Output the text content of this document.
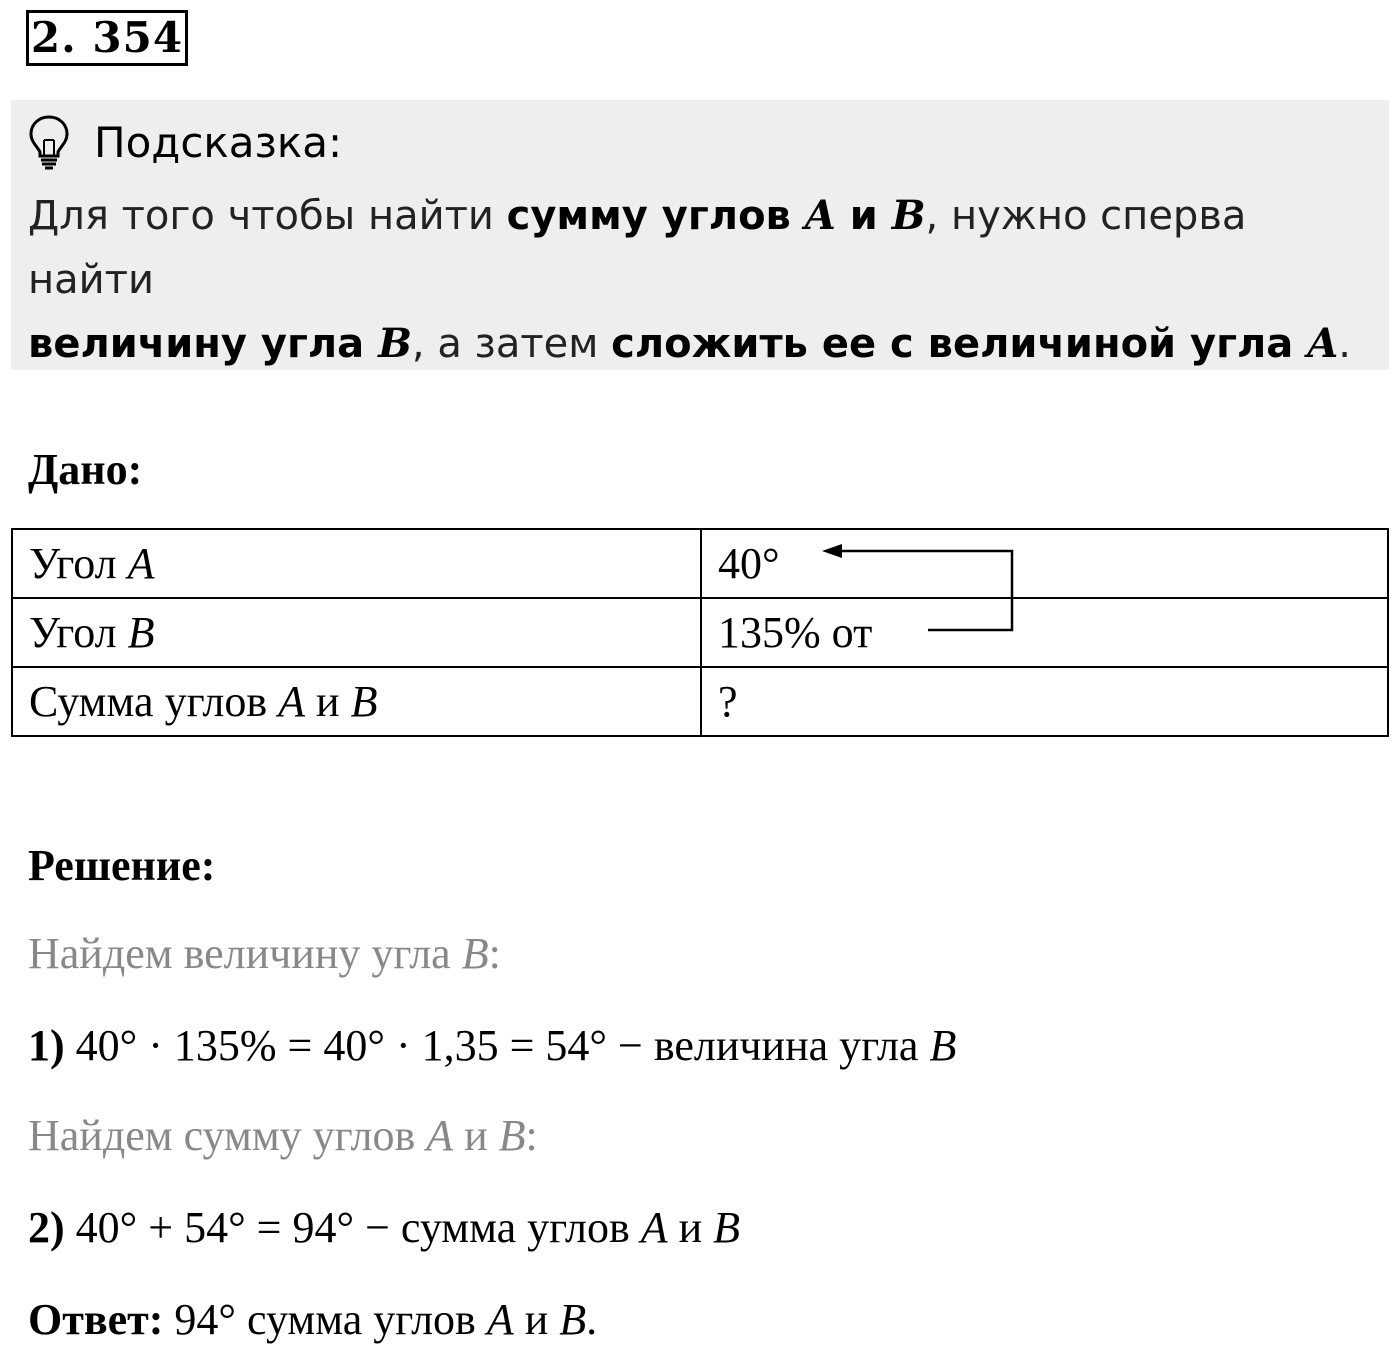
2. 354
Подсказка:
Для того чтобы найти сумму углов A и B, нужно сперва найти
величину угла B, а затем сложить ее с величиной угла A.
Дано:
Угол A	40°
Угол B	135% от
Сумма углов A и B	?
Решение:
Найдем величину угла B:
1) 40° · 135% = 40° · 1,35 = 54° − величина угла B
Найдем сумму углов A и B:
2) 40° + 54° = 94° − сумма углов A и B
Ответ: 94° сумма углов A и B.
